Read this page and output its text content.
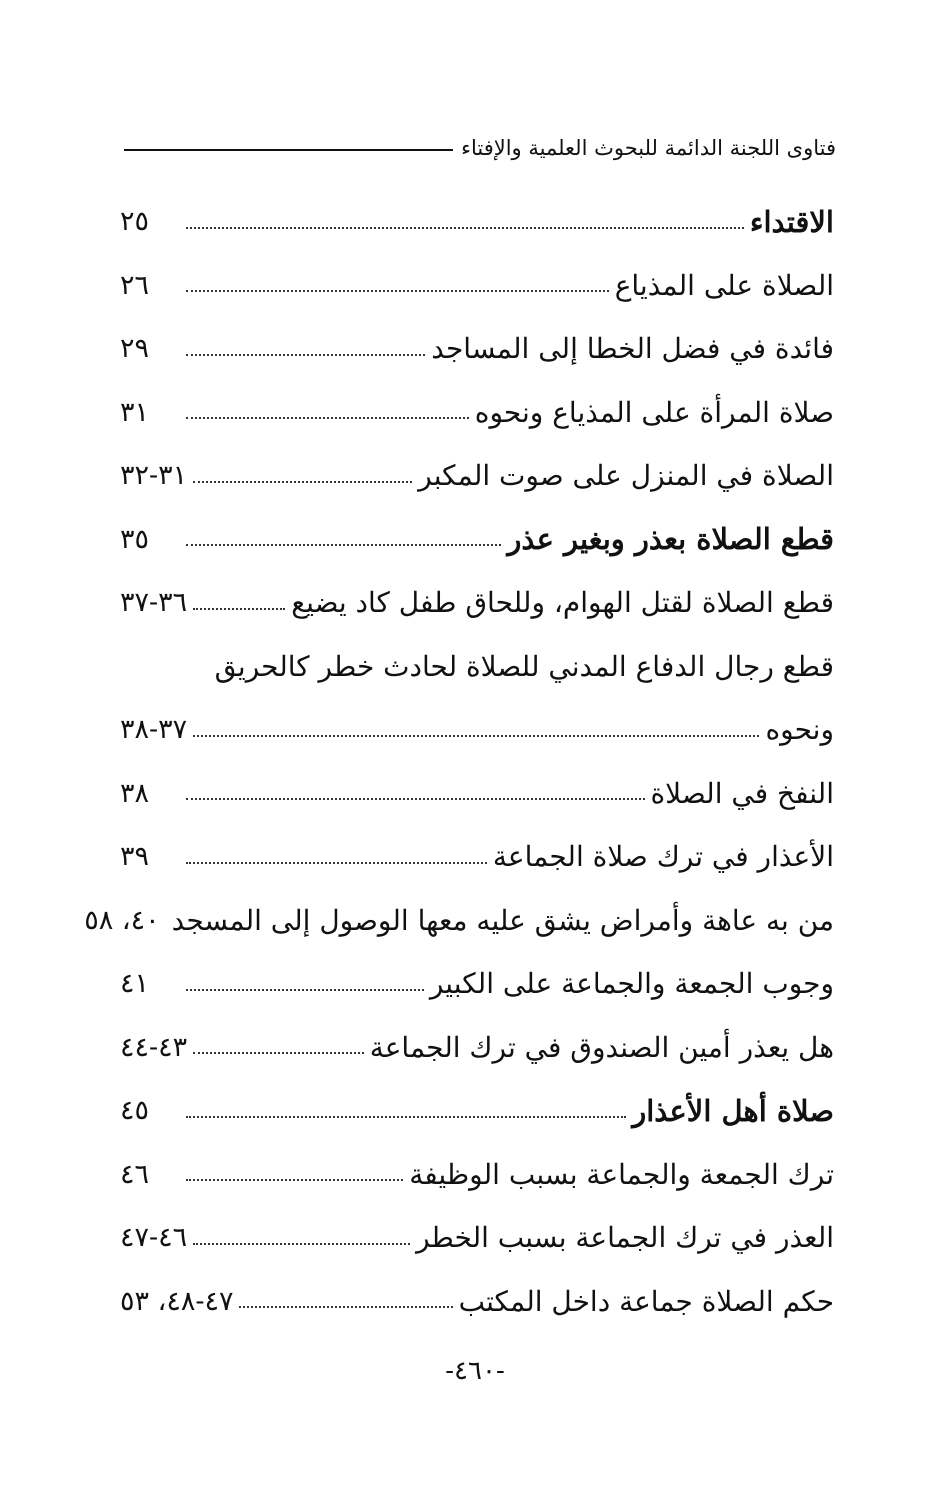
فتاوى اللجنة الدائمة للبحوث العلمية والإفتاء
الاقتداء
٢٥
الصلاة على المذياع
٢٦
فائدة في فضل الخطا إلى المساجد
٢٩
صلاة المرأة على المذياع ونحوه
٣١
الصلاة في المنزل على صوت المكبر
٣١-٣٢
قطع الصلاة بعذر وبغير عذر
٣٥
قطع الصلاة لقتل الهوام، وللحاق طفل كاد يضيع
٣٦-٣٧
قطع رجال الدفاع المدني للصلاة لحادث خطر كالحريق
ونحوه
٣٧-٣٨
النفخ في الصلاة
٣٨
الأعذار في ترك صلاة الجماعة
٣٩
من به عاهة وأمراض يشق عليه معها الوصول إلى المسجد
٤٠، ٥٨
وجوب الجمعة والجماعة على الكبير
٤١
هل يعذر أمين الصندوق في ترك الجماعة
٤٣-٤٤
صلاة أهل الأعذار
٤٥
ترك الجمعة والجماعة بسبب الوظيفة
٤٦
العذر في ترك الجماعة بسبب الخطر
٤٦-٤٧
حكم الصلاة جماعة داخل المكتب
٤٧-٤٨، ٥٣
-٤٦٠-
